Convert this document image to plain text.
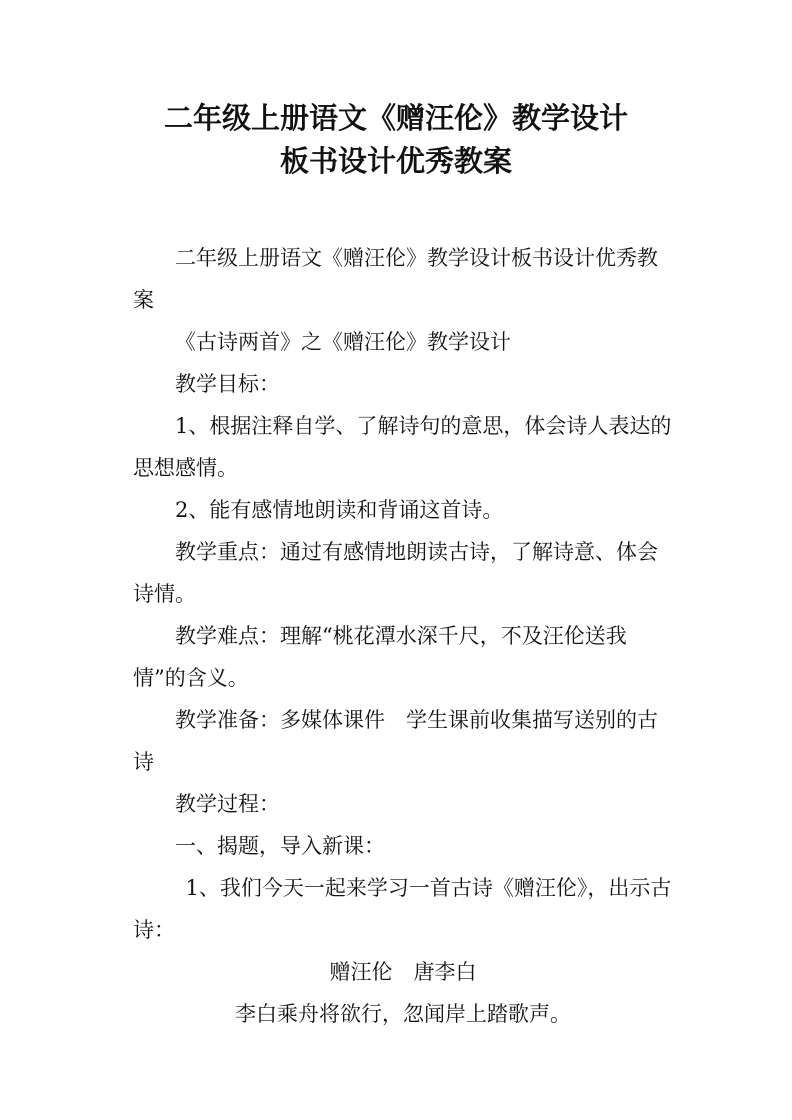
二年级上册语文《赠汪伦》教学设计
板书设计优秀教案

二年级上册语文《赠汪伦》教学设计板书设计优秀教案

《古诗两首》之《赠汪伦》教学设计

教学目标：

1、根据注释自学、了解诗句的意思，体会诗人表达的思想感情。

2、能有感情地朗读和背诵这首诗。

教学重点：通过有感情地朗读古诗，了解诗意、体会诗情。

教学难点：理解“桃花潭水深千尺，不及汪伦送我情”的含义。

教学准备：多媒体课件　学生课前收集描写送别的古诗

教学过程：

一、揭题，导入新课：

1、我们今天一起来学习一首古诗《赠汪伦》，出示古诗：

赠汪伦　唐李白

李白乘舟将欲行，忽闻岸上踏歌声。
